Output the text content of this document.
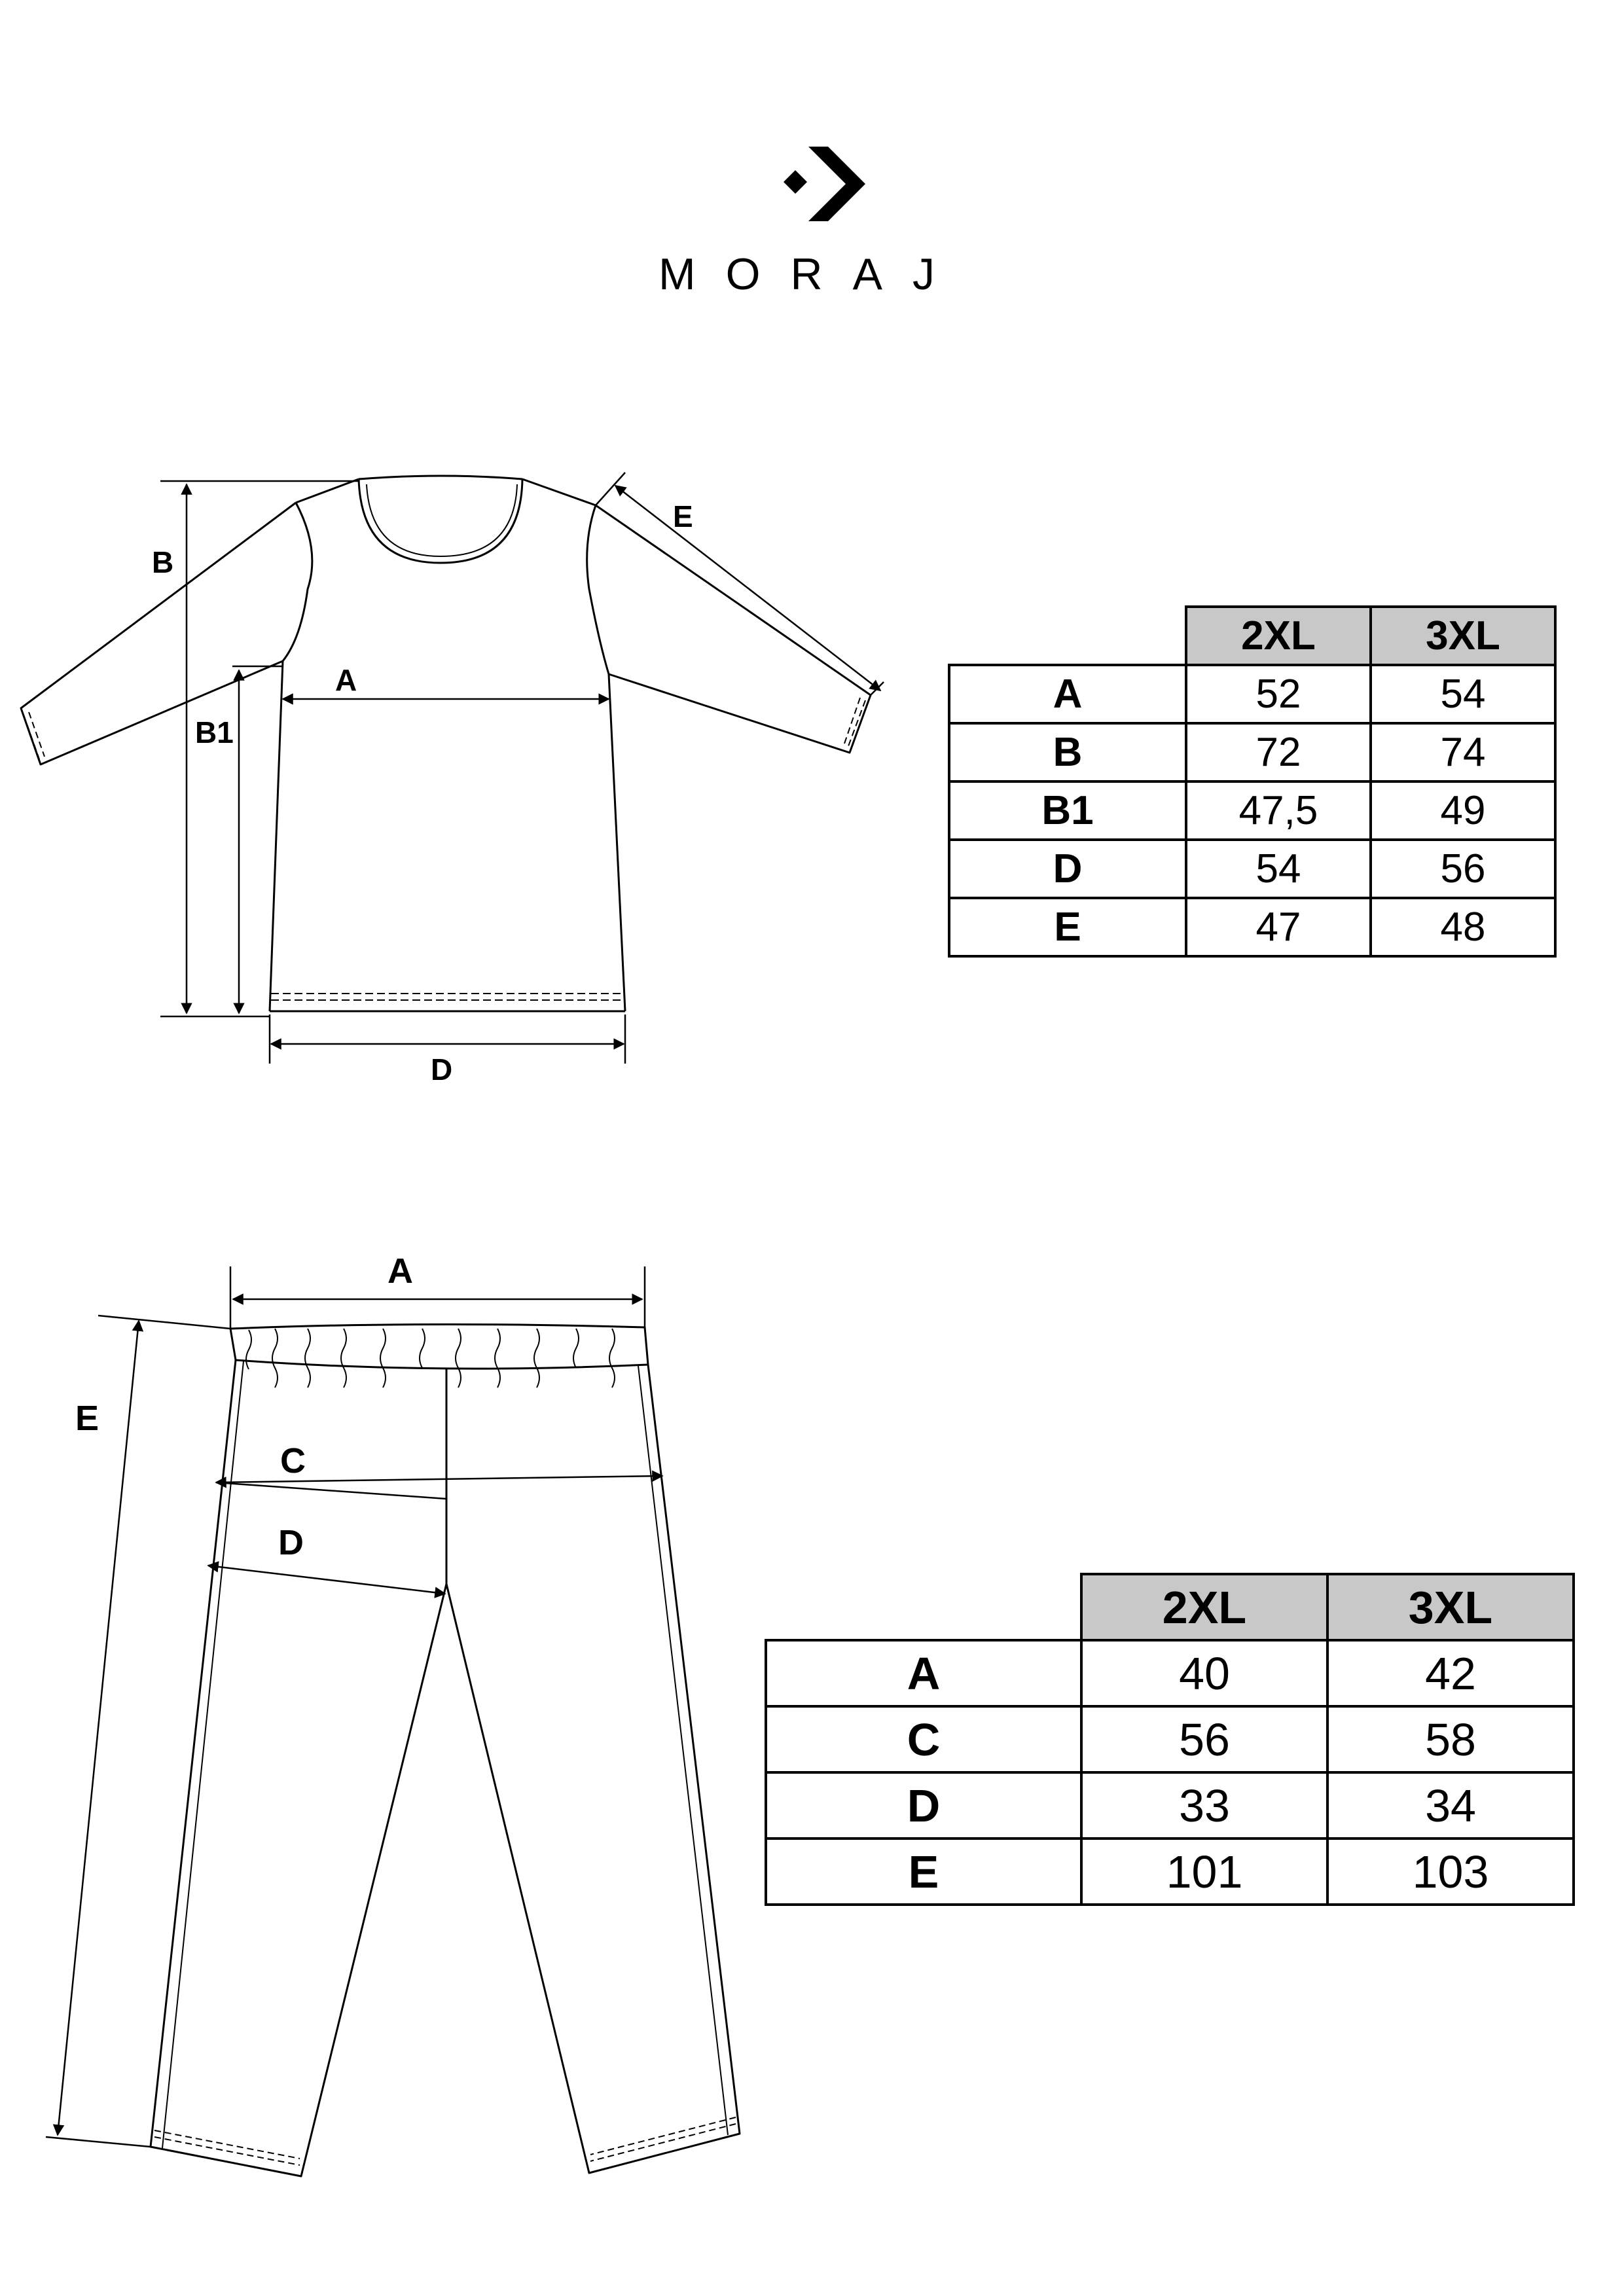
MORAJ
A
B
B1
D
E
A
C
D
E
	2XL	3XL
A	52	54
B	72	74
B1	47,5	49
D	54	56
E	47	48
	2XL	3XL
A	40	42
C	56	58
D	33	34
E	101	103
